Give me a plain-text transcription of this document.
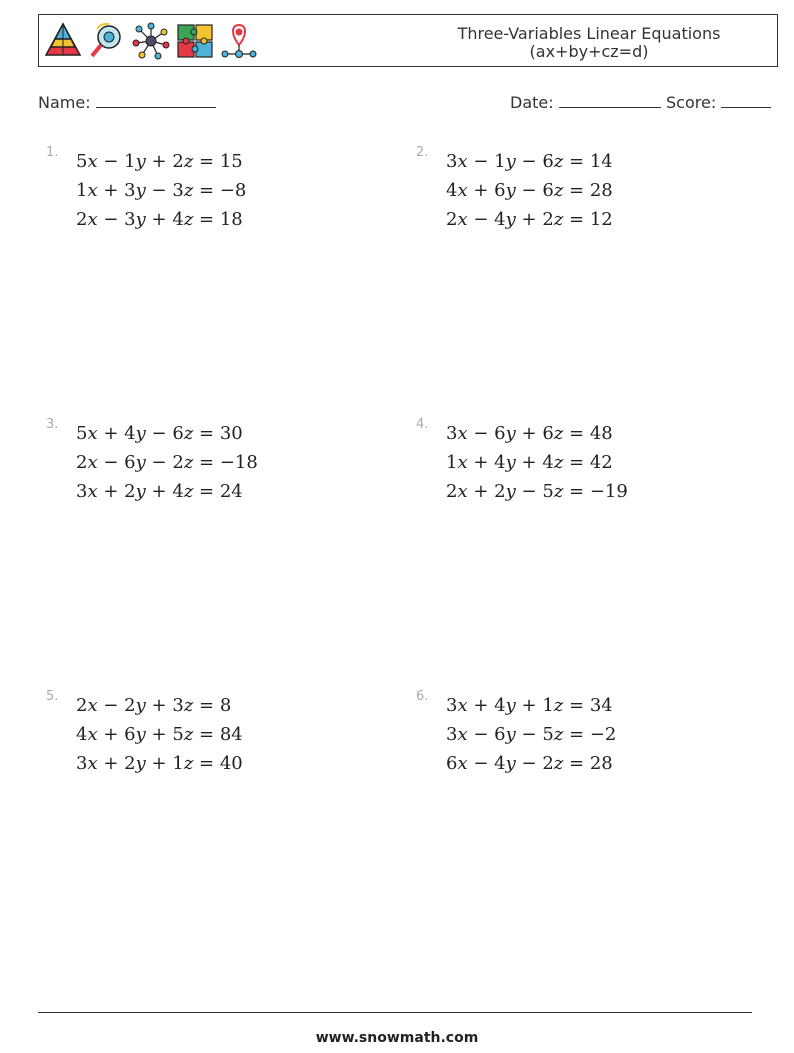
Three-Variables Linear Equations
(ax+by+cz=d)
Name:	Date:	Score:
1. 5x − 1y + 2z = 15
1x + 3y − 3z = −8
2x − 3y + 4z = 18
2. 3x − 1y − 6z = 14
4x + 6y − 6z = 28
2x − 4y + 2z = 12
3. 5x + 4y − 6z = 30
2x − 6y − 2z = −18
3x + 2y + 4z = 24
4. 3x − 6y + 6z = 48
1x + 4y + 4z = 42
2x + 2y − 5z = −19
5. 2x − 2y + 3z = 8
4x + 6y + 5z = 84
3x + 2y + 1z = 40
6. 3x + 4y + 1z = 34
3x − 6y − 5z = −2
6x − 4y − 2z = 28
www.snowmath.com
